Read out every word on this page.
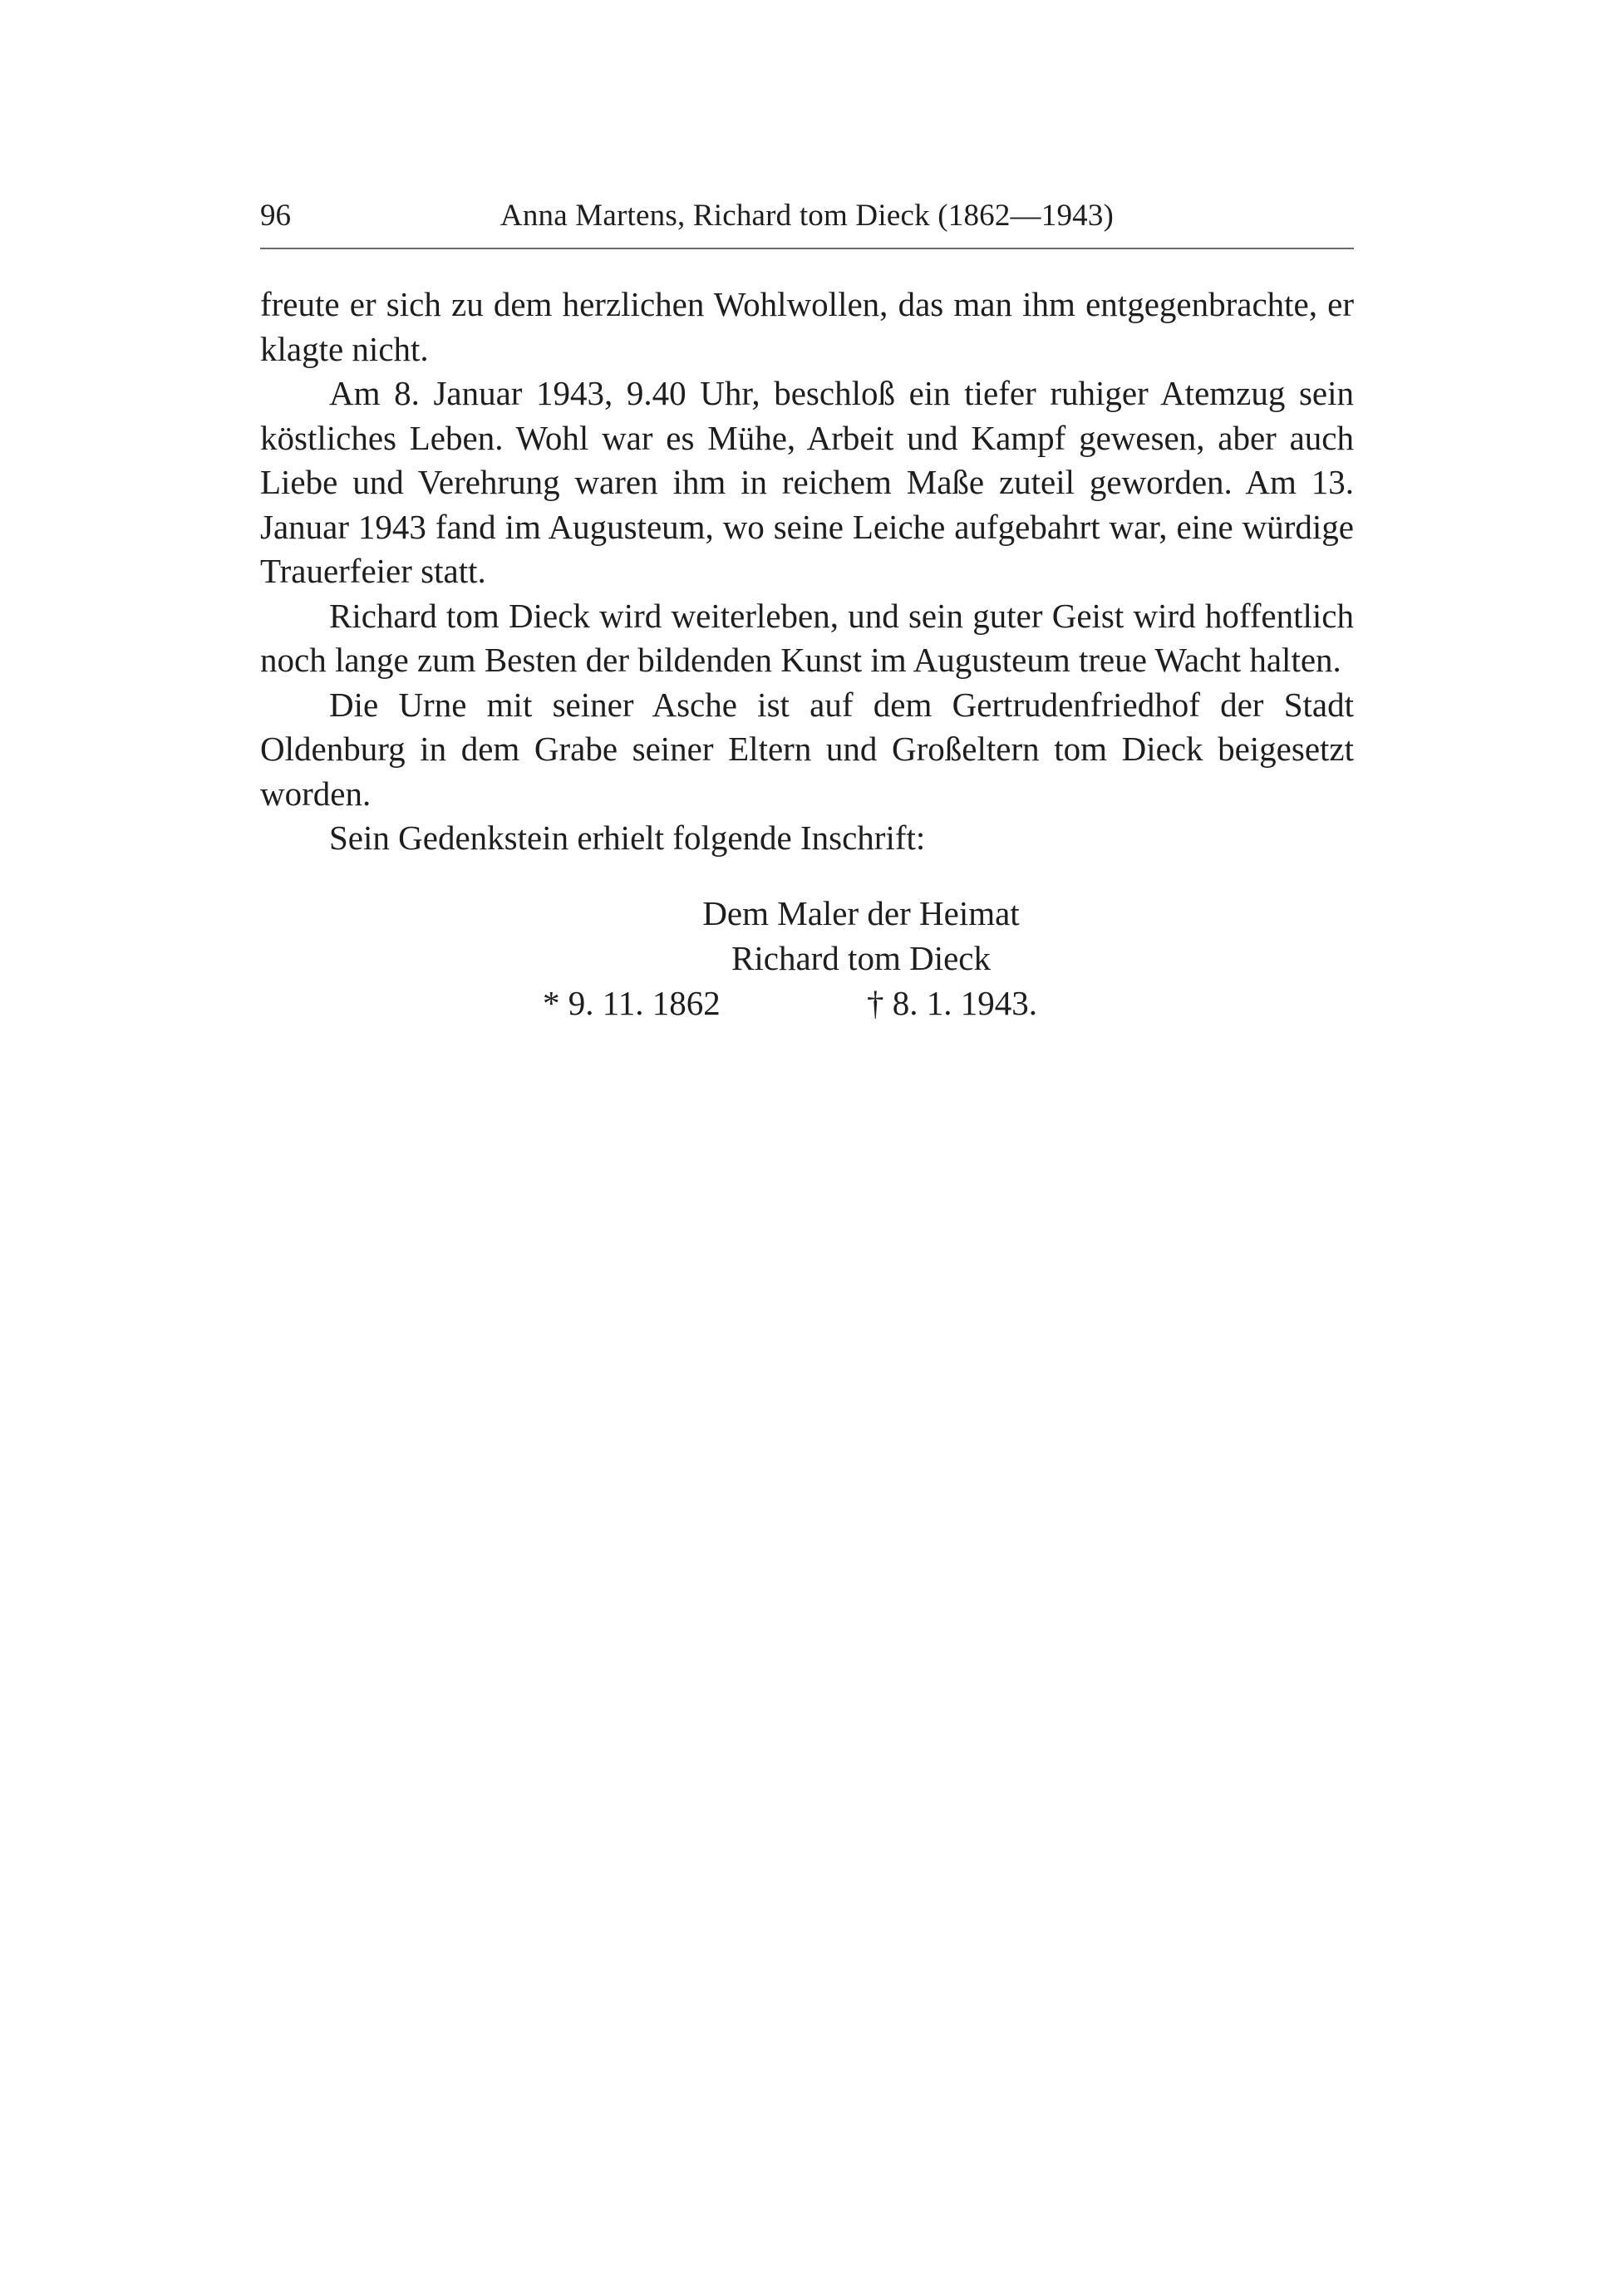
96	Anna Martens, Richard tom Dieck (1862—1943)

freute er sich zu dem herzlichen Wohlwollen, das man ihm entgegenbrachte, er klagte nicht.

Am 8. Januar 1943, 9.40 Uhr, beschloß ein tiefer ruhiger Atemzug sein köstliches Leben. Wohl war es Mühe, Arbeit und Kampf gewesen, aber auch Liebe und Verehrung waren ihm in reichem Maße zuteil geworden. Am 13. Januar 1943 fand im Augusteum, wo seine Leiche aufgebahrt war, eine würdige Trauerfeier statt.

Richard tom Dieck wird weiterleben, und sein guter Geist wird hoffentlich noch lange zum Besten der bildenden Kunst im Augusteum treue Wacht halten.

Die Urne mit seiner Asche ist auf dem Gertrudenfriedhof der Stadt Oldenburg in dem Grabe seiner Eltern und Großeltern tom Dieck beigesetzt worden.

Sein Gedenkstein erhielt folgende Inschrift:

Dem Maler der Heimat
Richard tom Dieck
* 9. 11. 1862	† 8. 1. 1943.
